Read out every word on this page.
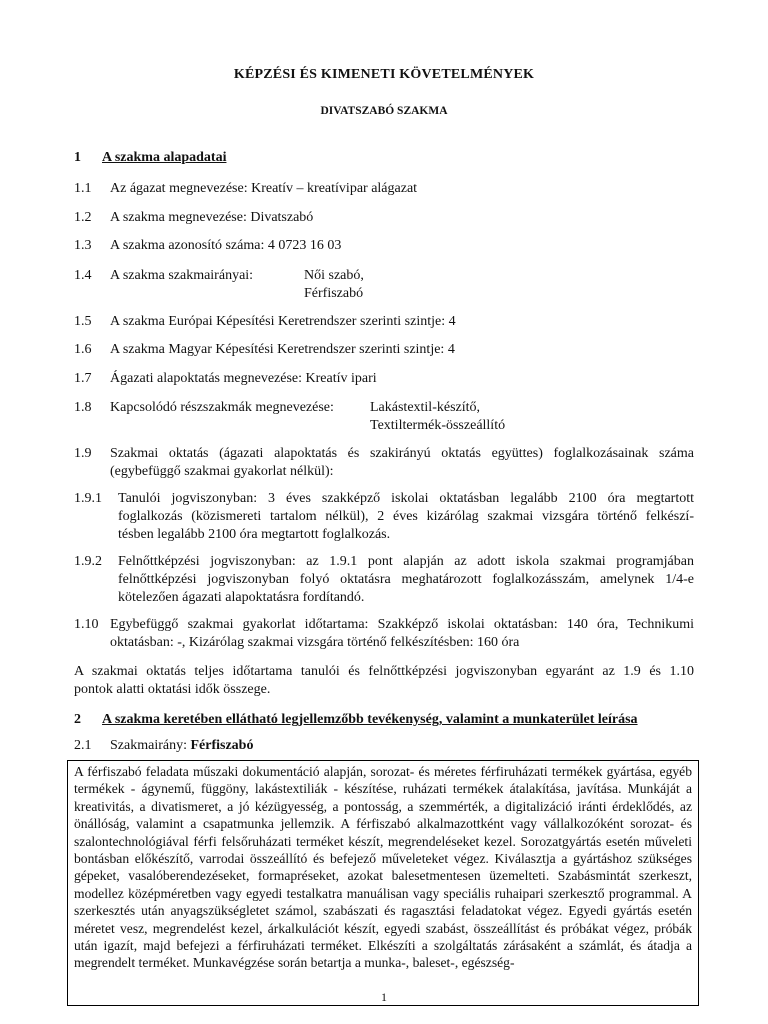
KÉPZÉSI ÉS KIMENETI KÖVETELMÉNYEK
DIVATSZABÓ SZAKMA
1 A szakma alapadatai
1.1 Az ágazat megnevezése: Kreatív – kreatívipar alágazat
1.2 A szakma megnevezése: Divatszabó
1.3 A szakma azonosító száma: 4 0723 16 03
1.4 A szakma szakmairányai:	Női szabó,
Férfiszabó
1.5 A szakma Európai Képesítési Keretrendszer szerinti szintje: 4
1.6 A szakma Magyar Képesítési Keretrendszer szerinti szintje: 4
1.7 Ágazati alapoktatás megnevezése: Kreatív ipari
1.8 Kapcsolódó részszakmák megnevezése:	Lakástextil-készítő,
Textiltermék-összeállító
1.9 Szakmai oktatás (ágazati alapoktatás és szakirányú oktatás együttes) foglalkozásainak száma
(egybefüggő szakmai gyakorlat nélkül):
1.9.1 Tanulói jogviszonyban: 3 éves szakképző iskolai oktatásban legalább 2100 óra megtartott
foglalkozás (közismereti tartalom nélkül), 2 éves kizárólag szakmai vizsgára történő felkészí-
tésben legalább 2100 óra megtartott foglalkozás.
1.9.2 Felnőttképzési jogviszonyban: az 1.9.1 pont alapján az adott iskola szakmai programjában
felnőttképzési jogviszonyban folyó oktatásra meghatározott foglalkozásszám, amelynek 1/4-e
kötelezően ágazati alapoktatásra fordítandó.
1.10 Egybefüggő szakmai gyakorlat időtartama: Szakképző iskolai oktatásban: 140 óra, Technikumi
oktatásban: -, Kizárólag szakmai vizsgára történő felkészítésben: 160 óra
A szakmai oktatás teljes időtartama tanulói és felnőttképzési jogviszonyban egyaránt az 1.9 és 1.10
pontok alatti oktatási idők összege.
2 A szakma keretében ellátható legjellemzőbb tevékenység, valamint a munkaterület leírása
2.1 Szakmairány: Férfiszabó
A férfiszabó feladata műszaki dokumentáció alapján, sorozat- és méretes férfiruházati termékek gyártása, egyéb termékek - ágynemű, függöny, lakástextiliák - készítése, ruházati termékek átalakítása, javítása. Munkáját a kreativitás, a divatismeret, a jó kézügyesség, a pontosság, a szemmérték, a digitalizáció iránti érdeklődés, az önállóság, valamint a csapatmunka jellemzik. A férfiszabó alkalmazottként vagy vállalkozóként sorozat- és szalontechnológiával férfi felsőruházati terméket készít, megrendeléseket kezel. Sorozatgyártás esetén műveleti bontásban előkészítő, varrodai összeállító és befejező műveleteket végez. Kiválasztja a gyártáshoz szükséges gépeket, vasalóberendezéseket, formapréseket, azokat balesetmentesen üzemelteti. Szabásmintát szerkeszt, modellez középméretben vagy egyedi testalkatra manuálisan vagy speciális ruhaipari szerkesztő programmal. A szerkesztés után anyagszükségletet számol, szabászati és ragasztási feladatokat végez. Egyedi gyártás esetén méretet vesz, megrendelést kezel, árkalkulációt készít, egyedi szabást, összeállítást és próbákat végez, próbák után igazít, majd befejezi a férfiruházati terméket. Elkészíti a szolgáltatás zárásaként a számlát, és átadja a megrendelt terméket. Munkavégzése során betartja a munka-, baleset-, egészség-
1
